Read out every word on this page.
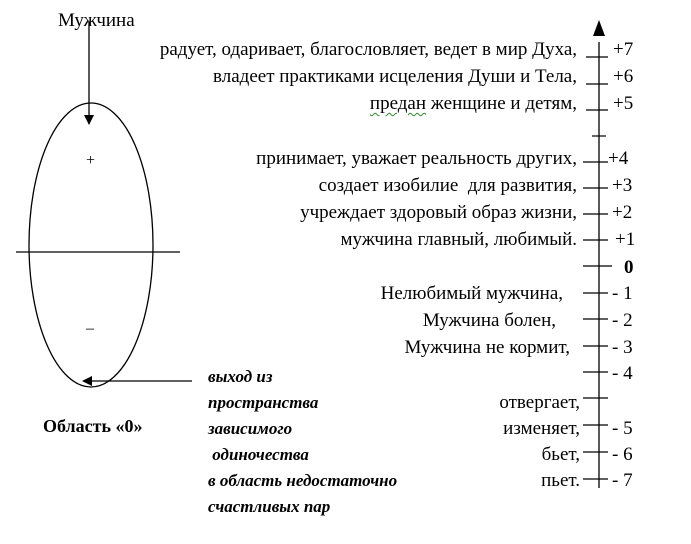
Мужчина
+
–
Область «0»
выход из
пространства
зависимого
одиночества
в область недостаточно
счастливых пар
радует, одаривает, благословляет, ведет в мир Духа,
владеет практиками исцеления Души и Тела,
предан женщине и детям,
принимает, уважает реальность других,
создает изобилие  для развития,
учреждает здоровый образ жизни,
мужчина главный, любимый.
Нелюбимый мужчина,
Мужчина болен,
Мужчина не кормит,
отвергает,
изменяет,
бьет,
пьет.
+7
+6
+5
+4
+3
+2
+1
0
- 1
- 2
- 3
- 4
- 5
- 6
- 7
